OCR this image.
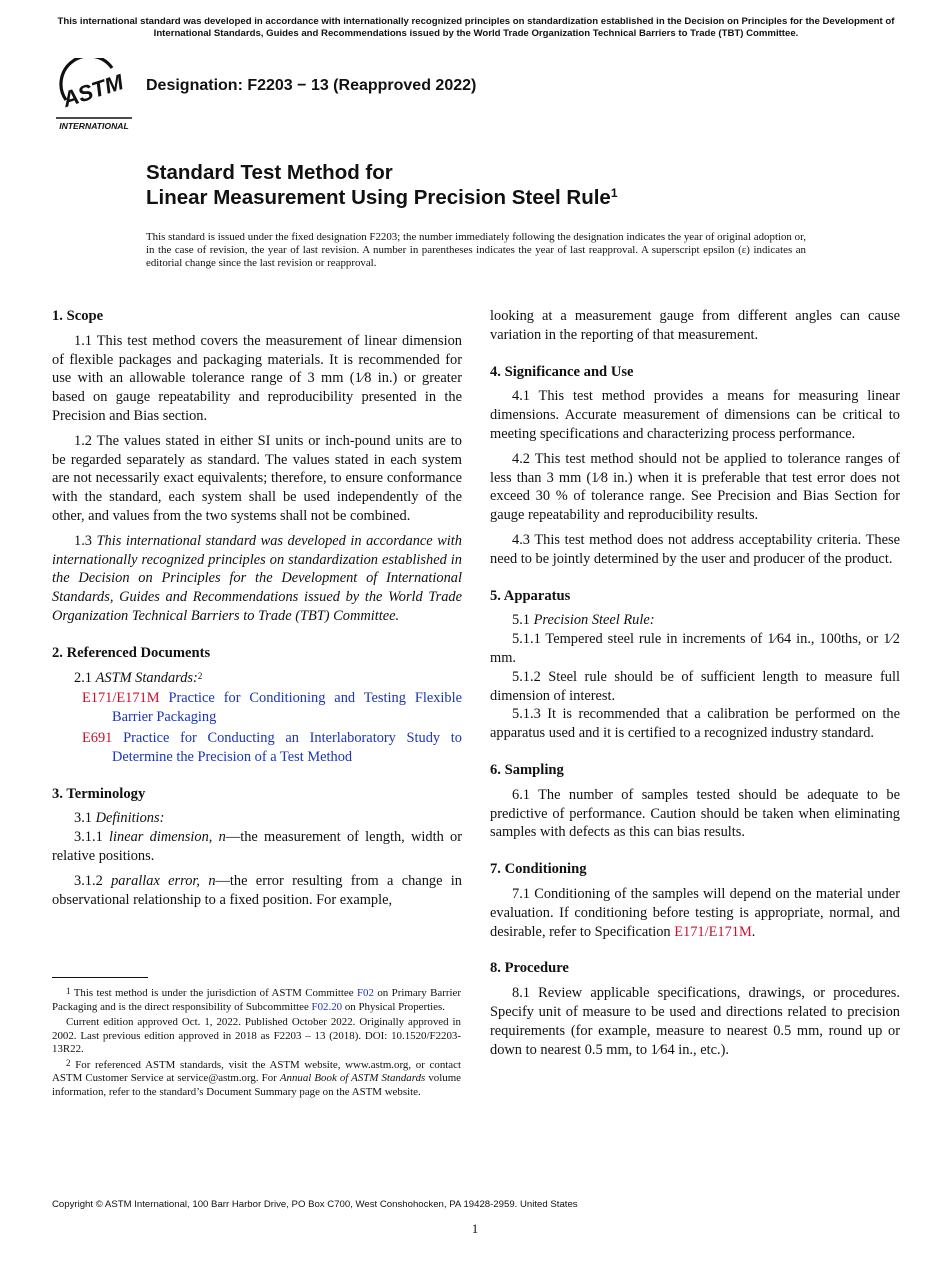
This international standard was developed in accordance with internationally recognized principles on standardization established in the Decision on Principles for the Development of International Standards, Guides and Recommendations issued by the World Trade Organization Technical Barriers to Trade (TBT) Committee.
ASTM
INTERNATIONAL
Designation: F2203 − 13 (Reapproved 2022)
Standard Test Method for
Linear Measurement Using Precision Steel Rule$^1$
This standard is issued under the fixed designation F2203; the number immediately following the designation indicates the year of original adoption or, in the case of revision, the year of last revision. A number in parentheses indicates the year of last reapproval. A superscript epsilon (ε) indicates an editorial change since the last revision or reapproval.
1. Scope

1.1 This test method covers the measurement of linear dimension of flexible packages and packaging materials. It is recommended for use with an allowable tolerance range of 3 mm (1⁄8 in.) or greater based on gauge repeatability and reproducibility presented in the Precision and Bias section.

1.2 The values stated in either SI units or inch-pound units are to be regarded separately as standard. The values stated in each system are not necessarily exact equivalents; therefore, to ensure conformance with the standard, each system shall be used independently of the other, and values from the two systems shall not be combined.

1.3 This international standard was developed in accordance with internationally recognized principles on standardization established in the Decision on Principles for the Development of International Standards, Guides and Recommendations issued by the World Trade Organization Technical Barriers to Trade (TBT) Committee.

2. Referenced Documents

2.1 ASTM Standards:$^2$

E171/E171M Practice for Conditioning and Testing Flexible Barrier Packaging

E691 Practice for Conducting an Interlaboratory Study to Determine the Precision of a Test Method

3. Terminology

3.1 Definitions:

3.1.1 linear dimension, n—the measurement of length, width or relative positions.

3.1.2 parallax error, n—the error resulting from a change in observational relationship to a fixed position. For example,

$^1$ This test method is under the jurisdiction of ASTM Committee F02 on Primary Barrier Packaging and is the direct responsibility of Subcommittee F02.20 on Physical Properties.

Current edition approved Oct. 1, 2022. Published October 2022. Originally approved in 2002. Last previous edition approved in 2018 as F2203 – 13 (2018). DOI: 10.1520/F2203-13R22.

$^2$ For referenced ASTM standards, visit the ASTM website, www.astm.org, or contact ASTM Customer Service at service@astm.org. For Annual Book of ASTM Standards volume information, refer to the standard’s Document Summary page on the ASTM website.

looking at a measurement gauge from different angles can cause variation in the reporting of that measurement.

4. Significance and Use

4.1 This test method provides a means for measuring linear dimensions. Accurate measurement of dimensions can be critical to meeting specifications and characterizing process performance.

4.2 This test method should not be applied to tolerance ranges of less than 3 mm (1⁄8 in.) when it is preferable that test error does not exceed 30 % of tolerance range. See Precision and Bias Section for gauge repeatability and reproducibility results.

4.3 This test method does not address acceptability criteria. These need to be jointly determined by the user and producer of the product.

5. Apparatus

5.1 Precision Steel Rule:

5.1.1 Tempered steel rule in increments of 1⁄64 in., 100ths, or 1⁄2 mm.

5.1.2 Steel rule should be of sufficient length to measure full dimension of interest.

5.1.3 It is recommended that a calibration be performed on the apparatus used and it is certified to a recognized industry standard.

6. Sampling

6.1 The number of samples tested should be adequate to be predictive of performance. Caution should be taken when eliminating samples with defects as this can bias results.

7. Conditioning

7.1 Conditioning of the samples will depend on the material under evaluation. If conditioning before testing is appropriate, normal, and desirable, refer to Specification E171/E171M.

8. Procedure

8.1 Review applicable specifications, drawings, or procedures. Specify unit of measure to be used and directions related to precision requirements (for example, measure to nearest 0.5 mm, round up or down to nearest 0.5 mm, to 1⁄64 in., etc.).

Copyright © ASTM International, 100 Barr Harbor Drive, PO Box C700, West Conshohocken, PA 19428-2959. United States
1
